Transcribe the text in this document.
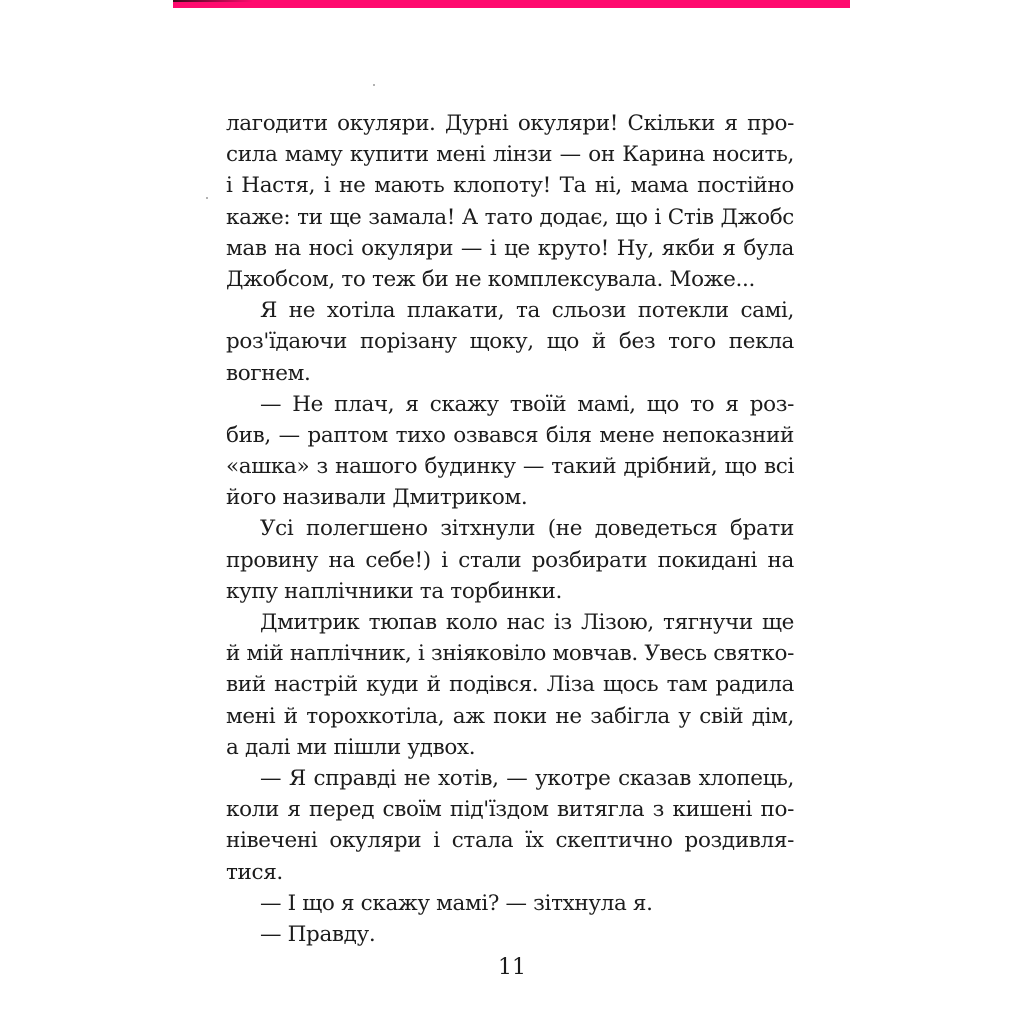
лагодити окуляри. Дурні окуляри! Скільки я про-
сила маму купити мені лінзи — он Карина носить,
і Настя, і не мають клопоту! Та ні, мама постійно
каже: ти ще замала! А тато додає, що і Стів Джобс
мав на носі окуляри — і це круто! Ну, якби я була
Джобсом, то теж би не комплексувала. Може...
Я не хотіла плакати, та сльози потекли самі,
роз'їдаючи порізану щоку, що й без того пекла
вогнем.
— Не плач, я скажу твоїй мамі, що то я роз-
бив, — раптом тихо озвався біля мене непоказний
«ашка» з нашого будинку — такий дрібний, що всі
його називали Дмитриком.
Усі полегшено зітхнули (не доведеться брати
провину на себе!) і стали розбирати покидані на
купу наплічники та торбинки.
Дмитрик тюпав коло нас із Лізою, тягнучи ще
й мій наплічник, і зніяковіло мовчав. Увесь святко-
вий настрій куди й подівся. Ліза щось там радила
мені й торохкотіла, аж поки не забігла у свій дім,
а далі ми пішли удвох.
— Я справді не хотів, — укотре сказав хлопець,
коли я перед своїм під'їздом витягла з кишені по-
нівечені окуляри і стала їх скептично роздивля-
тися.
— І що я скажу мамі? — зітхнула я.
— Правду.
11
